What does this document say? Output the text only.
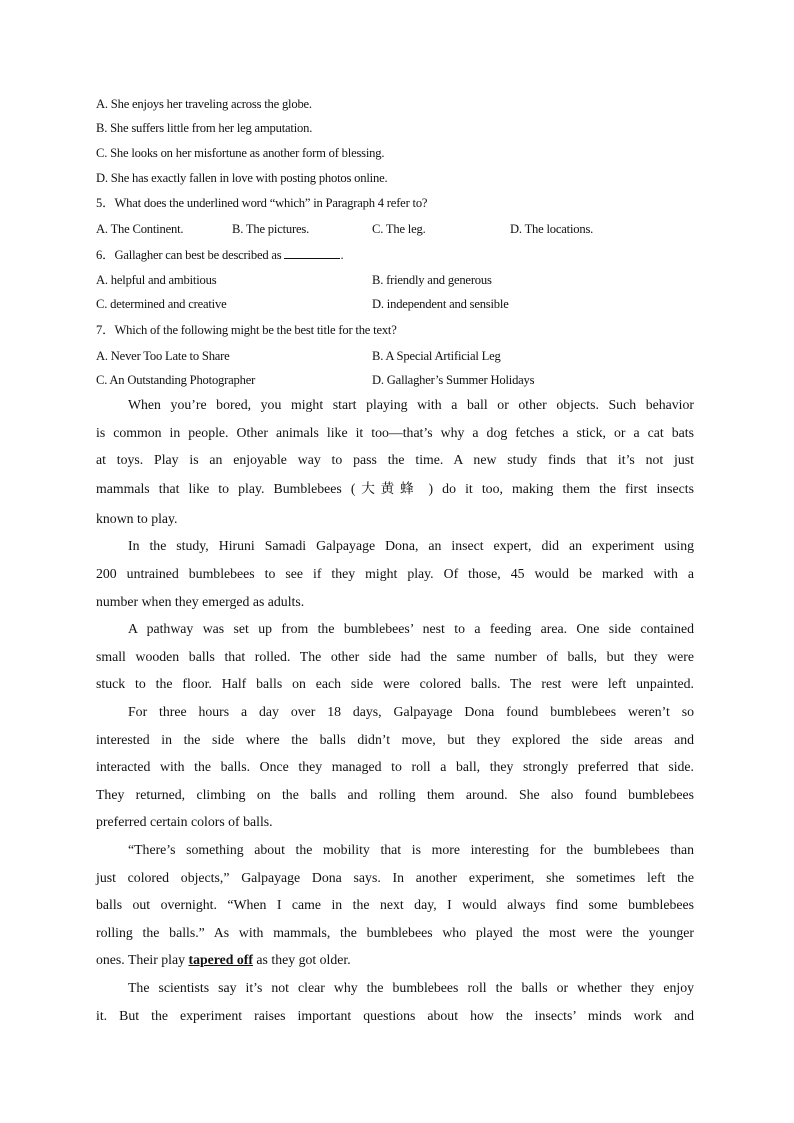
A. She enjoys her traveling across the globe.
B. She suffers little from her leg amputation.
C. She looks on her misfortune as another form of blessing.
D. She has exactly fallen in love with posting photos online.
5．What does the underlined word “which” in Paragraph 4 refer to?
A. The Continent.	B. The pictures.	C. The leg.	D. The locations.
6．Gallagher can best be described as	.
A. helpful and ambitious	B. friendly and generous
C. determined and creative	D. independent and sensible
7．Which of the following might be the best title for the text?
A. Never Too Late to Share	B. A Special Artificial Leg
C. An Outstanding Photographer	D. Gallagher’s Summer Holidays
When you’re bored, you might start playing with a ball or other objects. Such behavior
is common in people. Other animals like it too—that’s why a dog fetches a stick, or a cat bats
at toys. Play is an enjoyable way to pass the time. A new study finds that it’s not just
mammals that like to play. Bumblebees (大黄蜂 ) do it too, making them the first insects
known to play.
In the study, Hiruni Samadi Galpayage Dona, an insect expert, did an experiment using
200 untrained bumblebees to see if they might play. Of those, 45 would be marked with a
number when they emerged as adults.
A pathway was set up from the bumblebees’ nest to a feeding area. One side contained
small wooden balls that rolled. The other side had the same number of balls, but they were
stuck to the floor. Half balls on each side were colored balls. The rest were left unpainted.
For three hours a day over 18 days, Galpayage Dona found bumblebees weren’t so
interested in the side where the balls didn’t move, but they explored the side areas and
interacted with the balls. Once they managed to roll a ball, they strongly preferred that side.
They returned, climbing on the balls and rolling them around. She also found bumblebees
preferred certain colors of balls.
“There’s something about the mobility that is more interesting for the bumblebees than
just colored objects,” Galpayage Dona says. In another experiment, she sometimes left the
balls out overnight. “When I came in the next day, I would always find some bumblebees
rolling the balls.” As with mammals, the bumblebees who played the most were the younger
ones. Their play tapered off as they got older.
The scientists say it’s not clear why the bumblebees roll the balls or whether they enjoy
it. But the experiment raises important questions about how the insects’ minds work and
